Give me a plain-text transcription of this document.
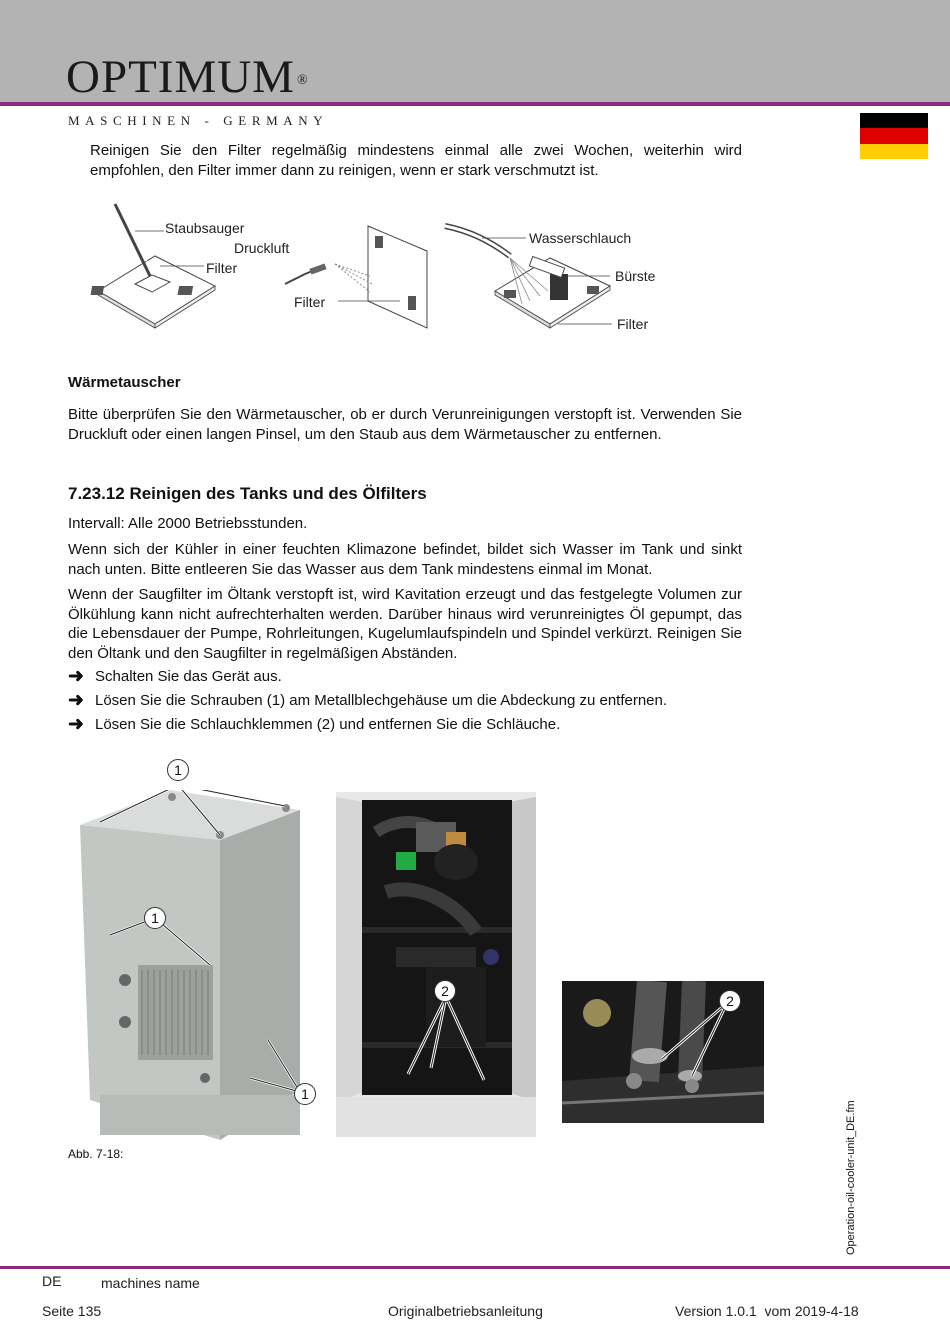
OPTIMUM ®
MASCHINEN - GERMANY
Reinigen Sie den Filter regelmäßig mindestens einmal alle zwei Wochen, weiterhin wird empfohlen, den Filter immer dann zu reinigen, wenn er stark verschmutzt ist.
Staubsauger
Druckluft
Filter
Filter
Wasserschlauch
Bürste
Filter
Wärmetauscher
Bitte überprüfen Sie den Wärmetauscher, ob er durch Verunreinigungen verstopft ist. Verwenden Sie Druckluft oder einen langen Pinsel, um den Staub aus dem Wärmetauscher zu entfernen.
7.23.12 Reinigen des Tanks und des Ölfilters
Intervall: Alle 2000 Betriebsstunden.
Wenn sich der Kühler in einer feuchten Klimazone befindet, bildet sich Wasser im Tank und sinkt nach unten. Bitte entleeren Sie das Wasser aus dem Tank mindestens einmal im Monat.
Wenn der Saugfilter im Öltank verstopft ist, wird Kavitation erzeugt und das festgelegte Volumen zur Ölkühlung kann nicht aufrechterhalten werden. Darüber hinaus wird verunreinigtes Öl gepumpt, das die Lebensdauer der Pumpe, Rohrleitungen, Kugelumlaufspindeln und Spindel verkürzt. Reinigen Sie den Öltank und den Saugfilter in regelmäßigen Abständen.
➜ Schalten Sie das Gerät aus.
➜ Lösen Sie die Schrauben (1) am Metallblechgehäuse um die Abdeckung zu entfernen.
➜ Lösen Sie die Schlauchklemmen (2) und entfernen Sie die Schläuche.
1
1
1
2
2
Abb. 7-18:	Operation-oil-cooler-unit_DE.fm
DE	machines name
Seite 135	Originalbetriebsanleitung	Version 1.0.1  vom 2019-4-18
